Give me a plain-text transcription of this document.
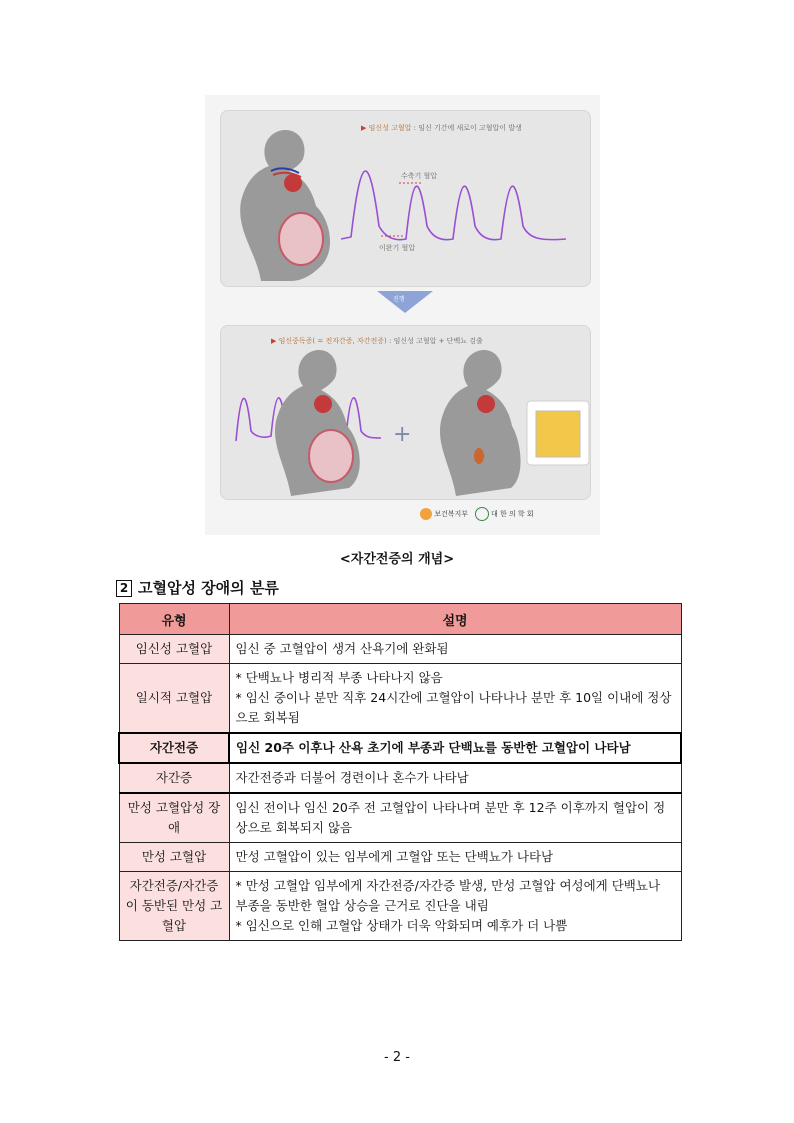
▶ 임신성 고혈압 : 임신 기간에 새로이 고혈압이 발생
수축기 혈압
이완기 혈압
진행
▶ 임신중독증( = 전자간증, 자간전증) : 임신성 고혈압 + 단백뇨 검출
+
보건복지부	대 한 의 학 회
<자간전증의 개념>
2 고혈압성 장애의 분류
유형	설명
임신성 고혈압	임신 중 고혈압이 생겨 산욕기에 완화됨
일시적 고혈압	* 단백뇨나 병리적 부종 나타나지 않음
* 임신 중이나 분만 직후 24시간에 고혈압이 나타나나 분만 후 10일 이내에 정상으로 회복됨
자간전증	임신 20주 이후나 산욕 초기에 부종과 단백뇨를 동반한 고혈압이 나타남
자간증	자간전증과 더불어 경련이나 혼수가 나타남
만성 고혈압성 장애	임신 전이나 임신 20주 전 고혈압이 나타나며 분만 후 12주 이후까지 혈압이 정상으로 회복되지 않음
만성 고혈압	만성 고혈압이 있는 임부에게 고혈압 또는 단백뇨가 나타남
자간전증/자간증이 동반된 만성 고혈압	* 만성 고혈압 임부에게 자간전증/자간증 발생, 만성 고혈압 여성에게 단백뇨나 부종을 동반한 혈압 상승을 근거로 진단을 내림
* 임신으로 인해 고혈압 상태가 더욱 악화되며 예후가 더 나쁨
- 2 -
